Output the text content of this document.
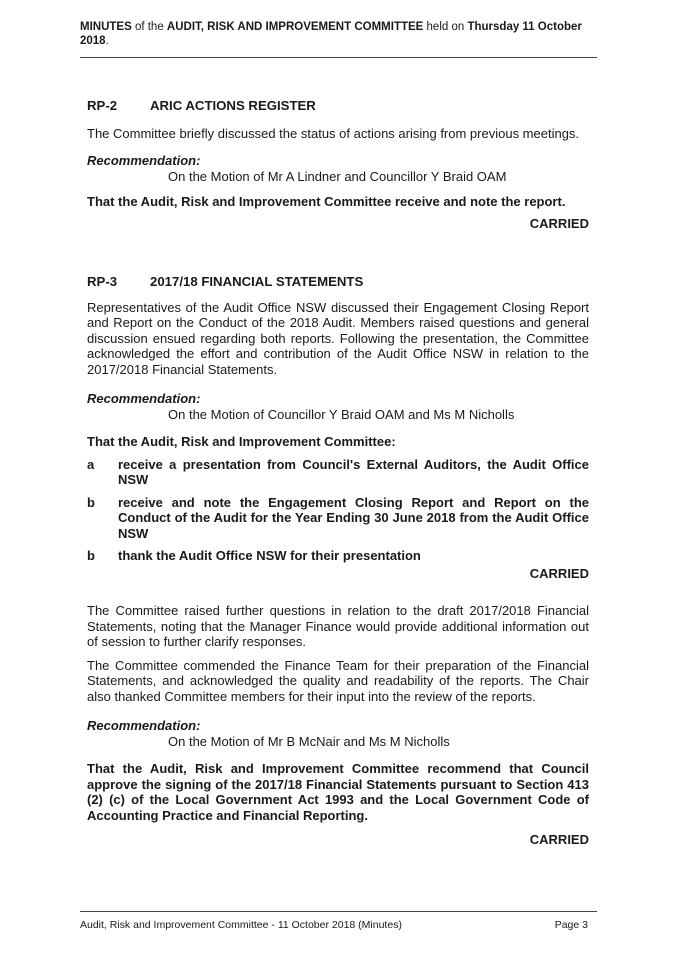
MINUTES of the AUDIT, RISK AND IMPROVEMENT COMMITTEE held on Thursday 11 October 2018.
RP-2	ARIC ACTIONS REGISTER

The Committee briefly discussed the status of actions arising from previous meetings.

Recommendation:
On the Motion of Mr A Lindner and Councillor Y Braid OAM
That the Audit, Risk and Improvement Committee receive and note the report.
CARRIED
RP-3	2017/18 FINANCIAL STATEMENTS

Representatives of the Audit Office NSW discussed their Engagement Closing Report and Report on the Conduct of the 2018 Audit. Members raised questions and general discussion ensued regarding both reports. Following the presentation, the Committee acknowledged the effort and contribution of the Audit Office NSW in relation to the 2017/2018 Financial Statements.

Recommendation:
On the Motion of Councillor Y Braid OAM and Ms M Nicholls
That the Audit, Risk and Improvement Committee:
a	receive a presentation from Council's External Auditors, the Audit Office NSW
b	receive and note the Engagement Closing Report and Report on the Conduct of the Audit for the Year Ending 30 June 2018 from the Audit Office NSW
b	thank the Audit Office NSW for their presentation
CARRIED

The Committee raised further questions in relation to the draft 2017/2018 Financial Statements, noting that the Manager Finance would provide additional information out of session to further clarify responses.

The Committee commended the Finance Team for their preparation of the Financial Statements, and acknowledged the quality and readability of the reports. The Chair also thanked Committee members for their input into the review of the reports.

Recommendation:
On the Motion of Mr B McNair and Ms M Nicholls

That the Audit, Risk and Improvement Committee recommend that Council approve the signing of the 2017/18 Financial Statements pursuant to Section 413 (2) (c) of the Local Government Act 1993 and the Local Government Code of Accounting Practice and Financial Reporting.

CARRIED
Audit, Risk and Improvement Committee - 11 October 2018 (Minutes)	Page 3
